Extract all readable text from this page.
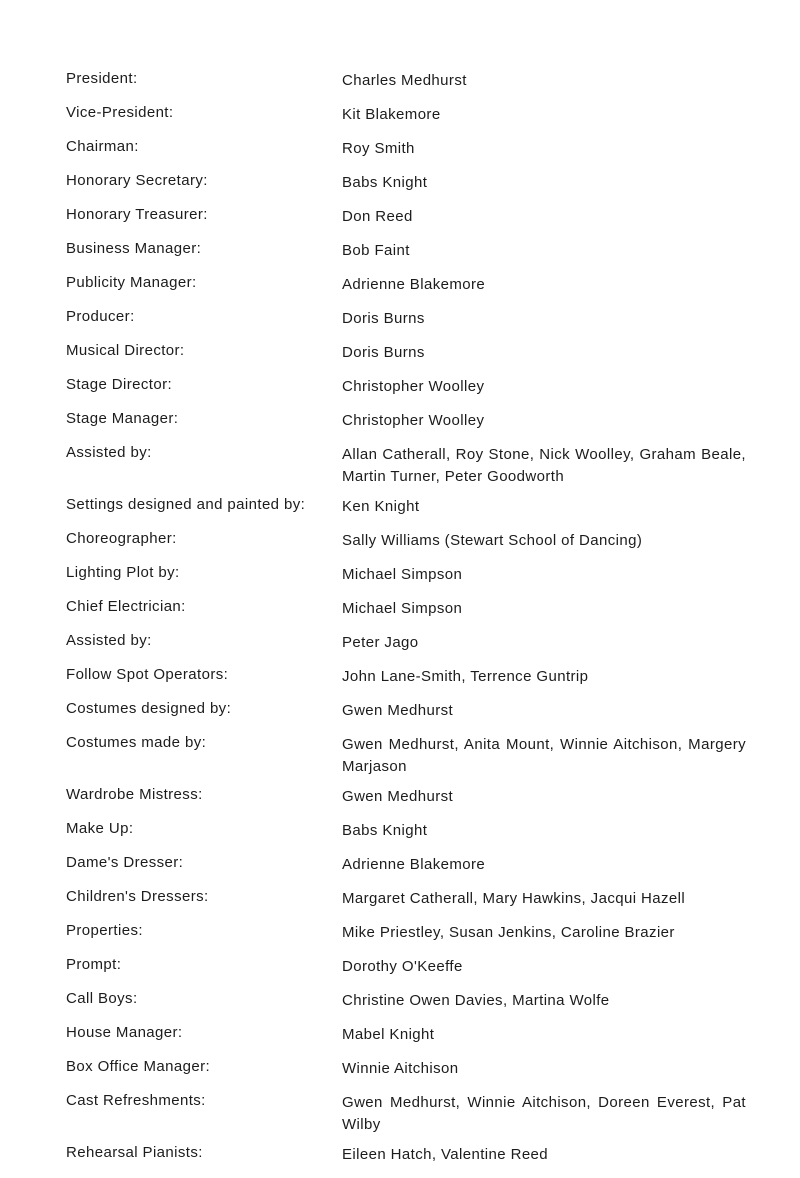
President:	Charles Medhurst
Vice-President:	Kit Blakemore
Chairman:	Roy Smith
Honorary Secretary:	Babs Knight
Honorary Treasurer:	Don Reed
Business Manager:	Bob Faint
Publicity Manager:	Adrienne Blakemore
Producer:	Doris Burns
Musical Director:	Doris Burns
Stage Director:	Christopher Woolley
Stage Manager:	Christopher Woolley
Assisted by:	Allan Catherall, Roy Stone, Nick Woolley, Graham Beale, Martin Turner, Peter Goodworth
Settings designed and painted by:	Ken Knight
Choreographer:	Sally Williams (Stewart School of Dancing)
Lighting Plot by:	Michael Simpson
Chief Electrician:	Michael Simpson
Assisted by:	Peter Jago
Follow Spot Operators:	John Lane-Smith, Terrence Guntrip
Costumes designed by:	Gwen Medhurst
Costumes made by:	Gwen Medhurst, Anita Mount, Winnie Aitchison, Margery Marjason
Wardrobe Mistress:	Gwen Medhurst
Make Up:	Babs Knight
Dame's Dresser:	Adrienne Blakemore
Children's Dressers:	Margaret Catherall, Mary Hawkins, Jacqui Hazell
Properties:	Mike Priestley, Susan Jenkins, Caroline Brazier
Prompt:	Dorothy O'Keeffe
Call Boys:	Christine Owen Davies, Martina Wolfe
House Manager:	Mabel Knight
Box Office Manager:	Winnie Aitchison
Cast Refreshments:	Gwen Medhurst, Winnie Aitchison, Doreen Everest, Pat Wilby
Rehearsal Pianists:	Eileen Hatch, Valentine Reed
